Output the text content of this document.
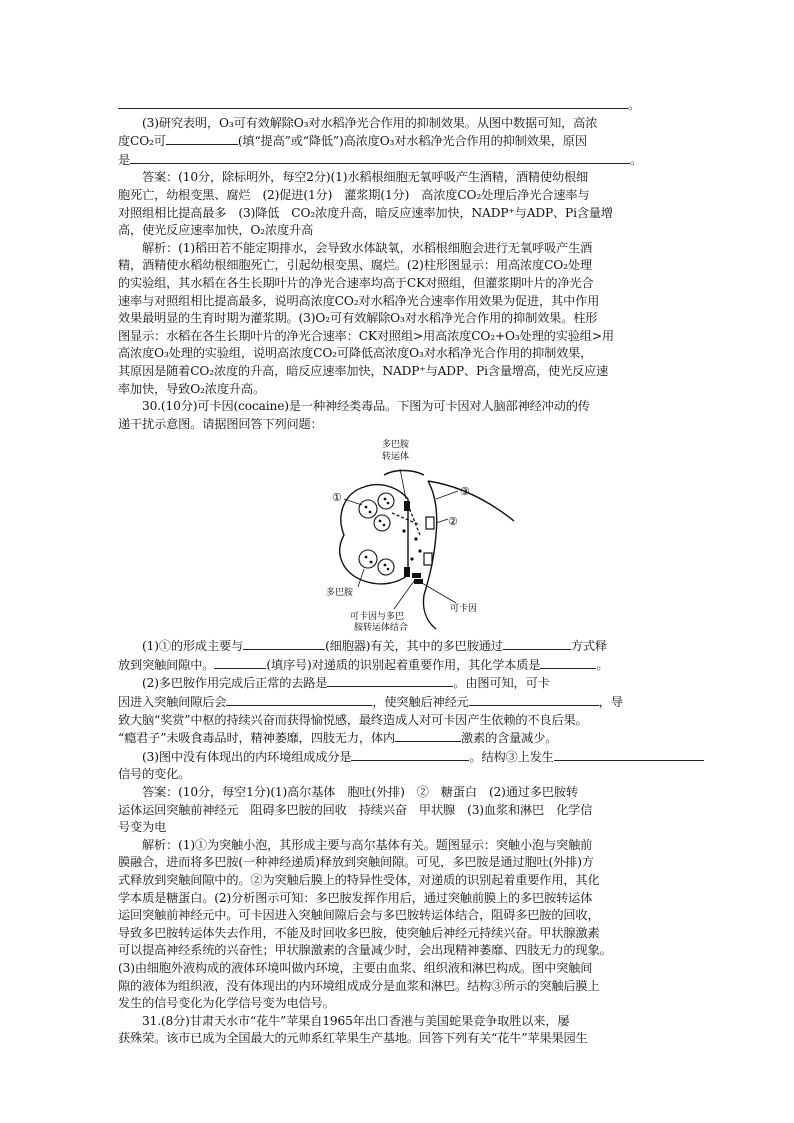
。
(3)研究表明，O₃可有效解除O₃对水稻净光合作用的抑制效果。从图中数据可知，高浓
度CO₂可	(填“提高”或“降低”)高浓度O₃对水稻净光合作用的抑制效果，原因
是	。
答案：(10分，除标明外，每空2分)(1)水稻根细胞无氧呼吸产生酒精，酒精使幼根细
胞死亡，幼根变黑、腐烂　(2)促进(1分)　灌浆期(1分)　高浓度CO₂处理后净光合速率与
对照组相比提高最多　(3)降低　CO₂浓度升高，暗反应速率加快，NADP⁺与ADP、Pi含量增
高，使光反应速率加快，O₂浓度升高
解析：(1)稻田若不能定期排水，会导致水体缺氧，水稻根细胞会进行无氧呼吸产生酒
精，酒精使水稻幼根细胞死亡，引起幼根变黑、腐烂。(2)柱形图显示：用高浓度CO₂处理
的实验组，其水稻在各生长期叶片的净光合速率均高于CK对照组，但灌浆期叶片的净光合
速率与对照组相比提高最多，说明高浓度CO₂对水稻净光合速率作用效果为促进，其中作用
效果最明显的生育时期为灌浆期。(3)O₂可有效解除O₃对水稻净光合作用的抑制效果。柱形
图显示：水稻在各生长期叶片的净光合速率：CK对照组>用高浓度CO₂+O₃处理的实验组>用
高浓度O₃处理的实验组，说明高浓度CO₂可降低高浓度O₃对水稻净光合作用的抑制效果，
其原因是随着CO₂浓度的升高，暗反应速率加快，NADP⁺与ADP、Pi含量增高，使光反应速
率加快，导致O₂浓度升高。
30.(10分)可卡因(cocaine)是一种神经类毒品。下图为可卡因对人脑部神经冲动的传
递干扰示意图。请据图回答下列问题：
多巴胺
转运体
①
②
③
多巴胺
可卡因
可卡因与多巴
胺转运体结合
(1)①的形成主要与	(细胞器)有关，其中的多巴胺通过	方式释
放到突触间隙中。	(填序号)对递质的识别起着重要作用，其化学本质是	。
(2)多巴胺作用完成后正常的去路是	。由图可知，可卡
因进入突触间隙后会	，使突触后神经元	，导
致大脑“奖赏”中枢的持续兴奋而获得愉悦感，最终造成人对可卡因产生依赖的不良后果。
“瘾君子”未吸食毒品时，精神萎靡，四肢无力，体内	激素的含量减少。
(3)图中没有体现出的内环境组成成分是	。结构③上发生
信号的变化。
答案：(10分，每空1分)(1)高尔基体　胞吐(外排)　②　糖蛋白　(2)通过多巴胺转
运体运回突触前神经元　阻碍多巴胺的回收　持续兴奋　甲状腺　(3)血浆和淋巴　化学信
号变为电
解析：(1)①为突触小泡，其形成主要与高尔基体有关。题图显示：突触小泡与突触前
膜融合，进而将多巴胺(一种神经递质)释放到突触间隙。可见，多巴胺是通过胞吐(外排)方
式释放到突触间隙中的。②为突触后膜上的特异性受体，对递质的识别起着重要作用，其化
学本质是糖蛋白。(2)分析图示可知：多巴胺发挥作用后，通过突触前膜上的多巴胺转运体
运回突触前神经元中。可卡因进入突触间隙后会与多巴胺转运体结合，阻碍多巴胺的回收，
导致多巴胺转运体失去作用，不能及时回收多巴胺，使突触后神经元持续兴奋。甲状腺激素
可以提高神经系统的兴奋性；甲状腺激素的含量减少时，会出现精神萎靡、四肢无力的现象。
(3)由细胞外液构成的液体环境叫做内环境，主要由血浆、组织液和淋巴构成。图中突触间
隙的液体为组织液，没有体现出的内环境组成成分是血浆和淋巴。结构③所示的突触后膜上
发生的信号变化为化学信号变为电信号。
31.(8分)甘肃天水市“花牛”苹果自1965年出口香港与美国蛇果竞争取胜以来，屡
获殊荣。该市已成为全国最大的元帅系红苹果生产基地。回答下列有关“花牛”苹果果园生
